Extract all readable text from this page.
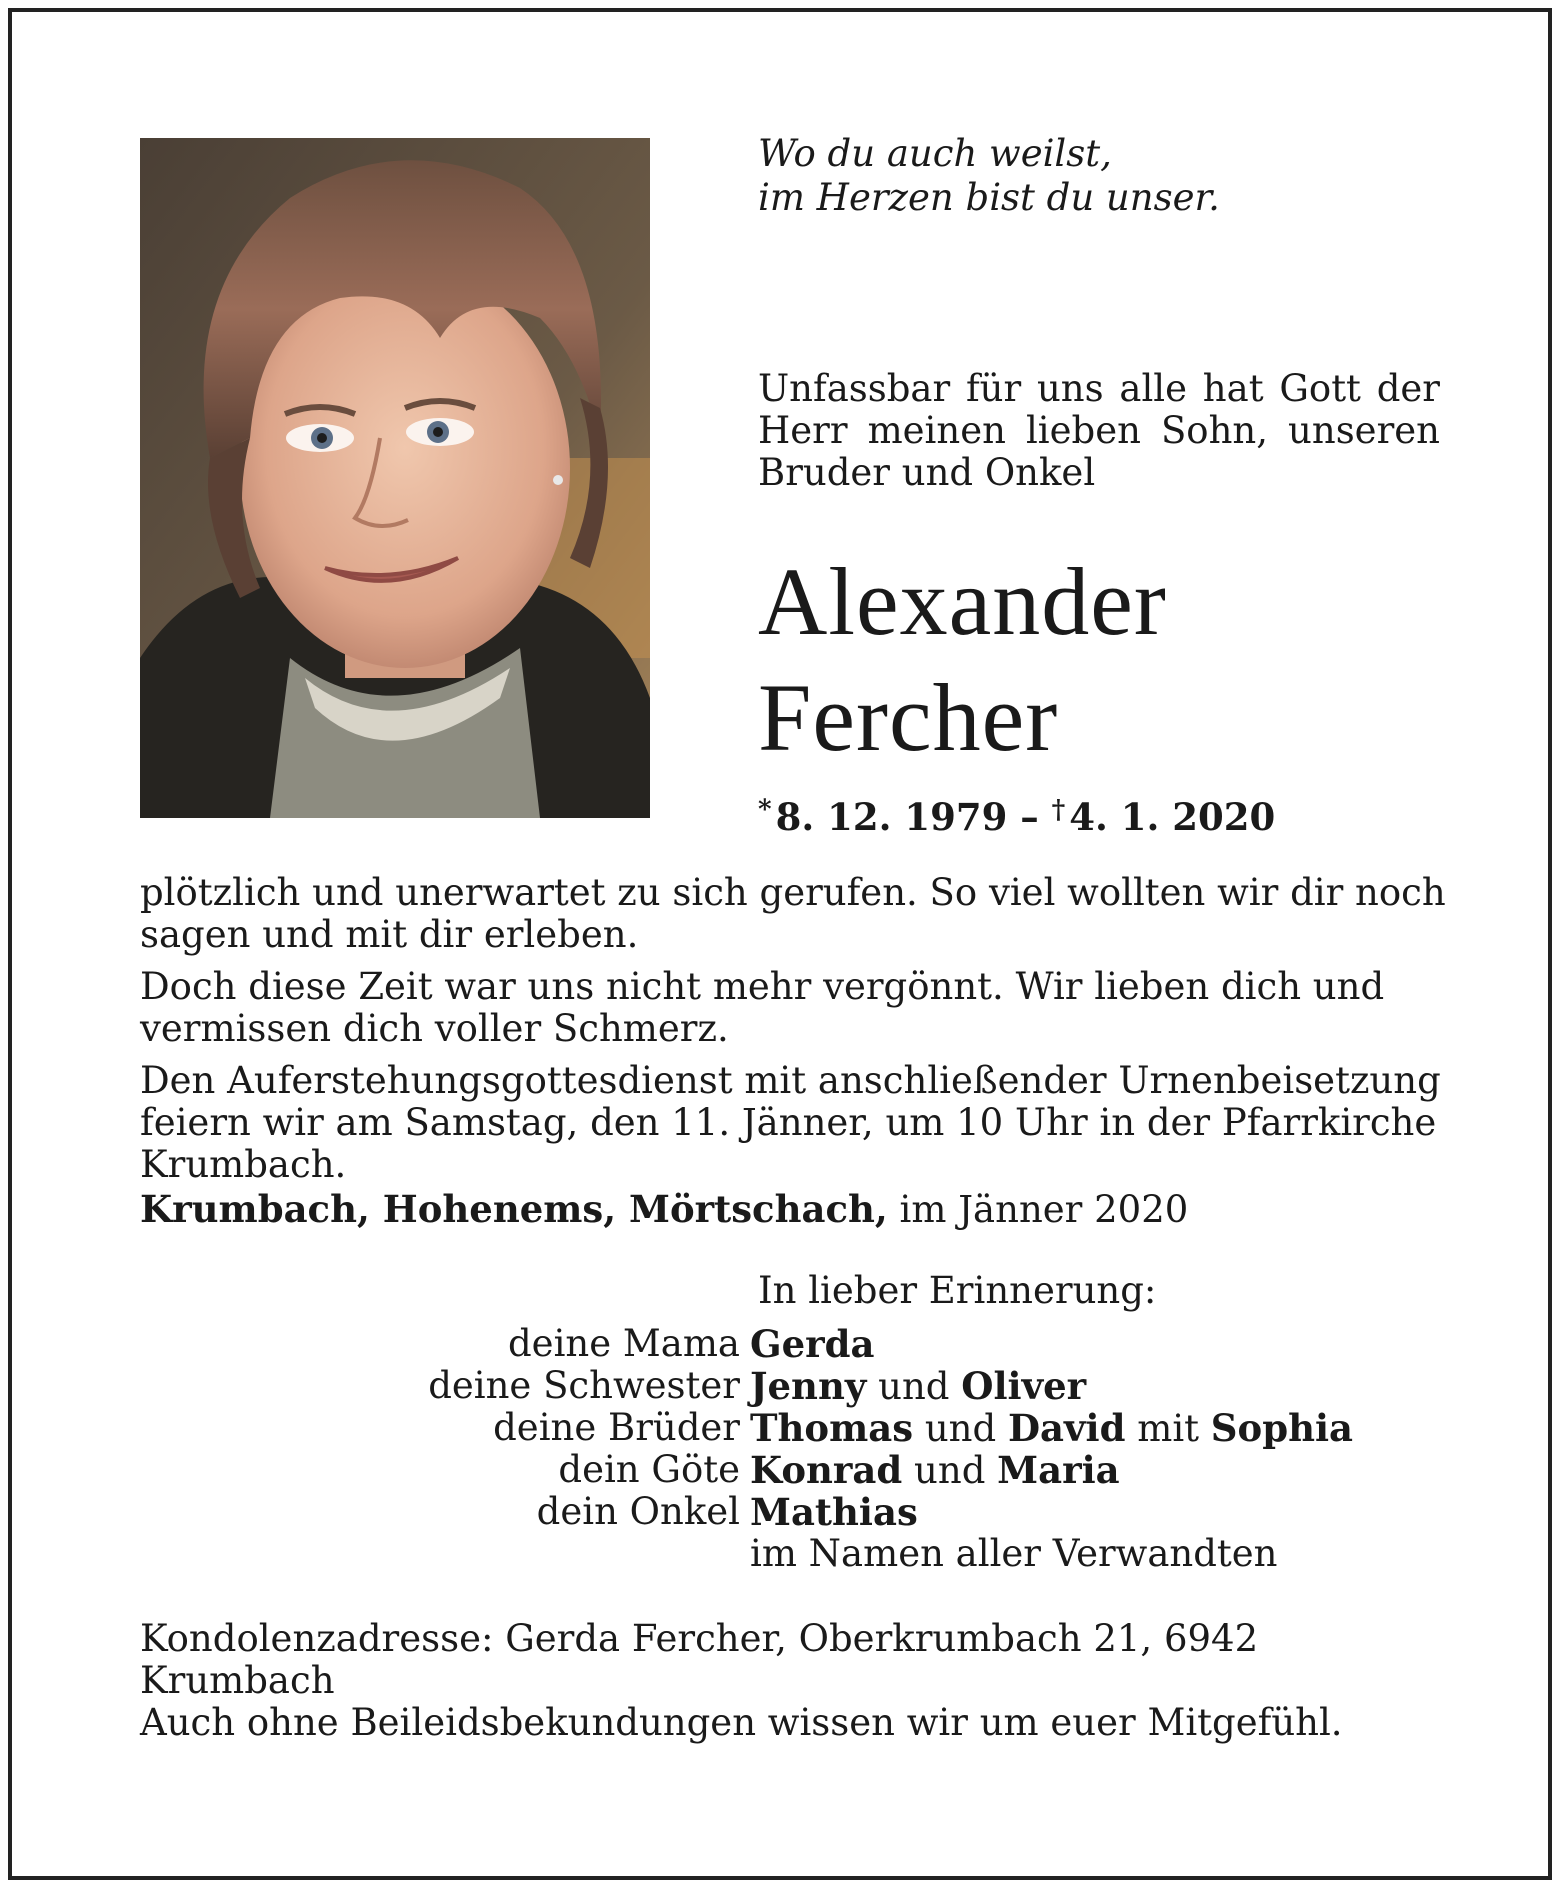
Wo du auch weilst,
im Herzen bist du unser.
Unfassbar für uns alle hat Gott der Herr meinen lieben Sohn, unseren Bruder und Onkel
Alexander
Fercher
* 8. 12. 1979 – † 4. 1. 2020

plötzlich und unerwartet zu sich gerufen. So viel wollten wir dir noch sagen und mit dir erleben.

Doch diese Zeit war uns nicht mehr vergönnt. Wir lieben dich und vermissen dich voller Schmerz.

Den Auferstehungsgottesdienst mit anschließender Urnenbeisetzung feiern wir am Samstag, den 11. Jänner, um 10 Uhr in der Pfarrkirche Krumbach.

Krumbach, Hohenems, Mörtschach, im Jänner 2020
In lieber Erinnerung:
deine Mama Gerda
deine Schwester Jenny und Oliver
deine Brüder Thomas und David mit Sophia
dein Göte Konrad und Maria
dein Onkel Mathias
im Namen aller Verwandten
Kondolenzadresse: Gerda Fercher, Oberkrumbach 21, 6942 Krumbach
Auch ohne Beileidsbekundungen wissen wir um euer Mitgefühl.
